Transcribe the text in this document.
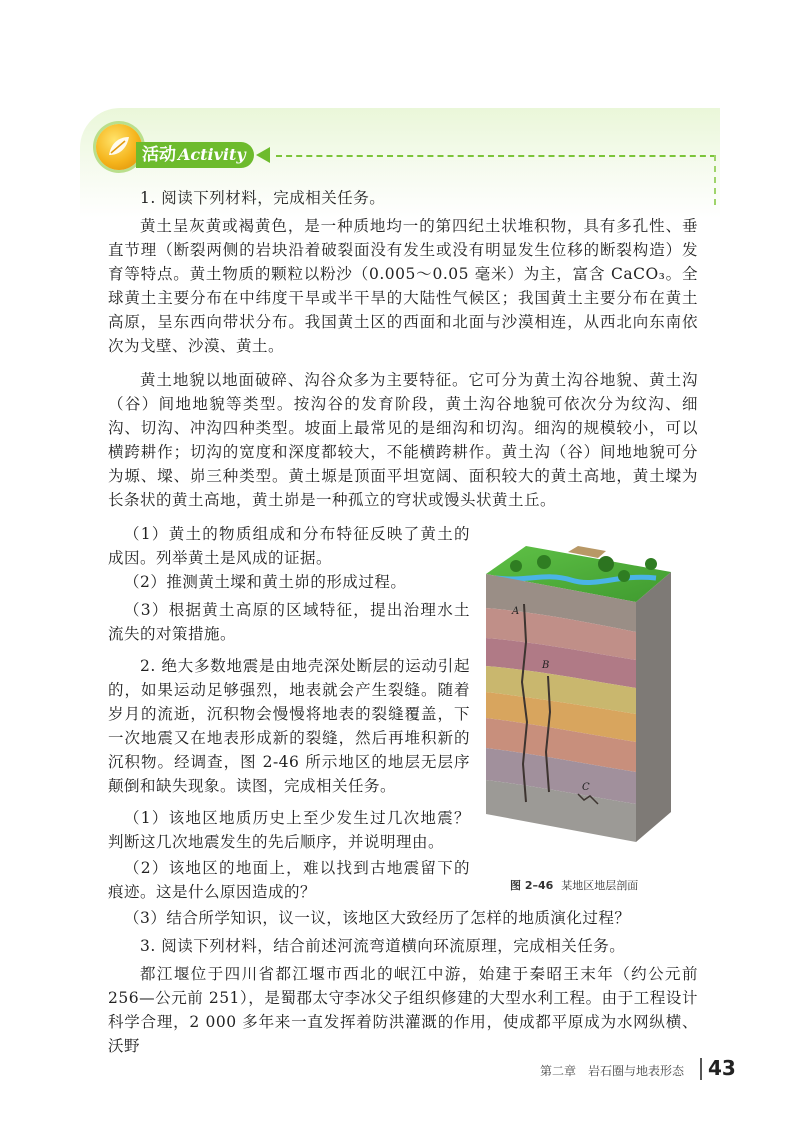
活动 Activity

1. 阅读下列材料，完成相关任务。

黄土呈灰黄或褐黄色，是一种质地均一的第四纪土状堆积物，具有多孔性、垂直节理（断裂两侧的岩块沿着破裂面没有发生或没有明显发生位移的断裂构造）发育等特点。黄土物质的颗粒以粉沙（0.005～0.05 毫米）为主，富含 CaCO₃。全球黄土主要分布在中纬度干旱或半干旱的大陆性气候区；我国黄土主要分布在黄土高原，呈东西向带状分布。我国黄土区的西面和北面与沙漠相连，从西北向东南依次为戈壁、沙漠、黄土。

黄土地貌以地面破碎、沟谷众多为主要特征。它可分为黄土沟谷地貌、黄土沟（谷）间地地貌等类型。按沟谷的发育阶段，黄土沟谷地貌可依次分为纹沟、细沟、切沟、冲沟四种类型。坡面上最常见的是细沟和切沟。细沟的规模较小，可以横跨耕作；切沟的宽度和深度都较大，不能横跨耕作。黄土沟（谷）间地地貌可分为塬、墚、峁三种类型。黄土塬是顶面平坦宽阔、面积较大的黄土高地，黄土墚为长条状的黄土高地，黄土峁是一种孤立的穹状或馒头状黄土丘。

（1）黄土的物质组成和分布特征反映了黄土的成因。列举黄土是风成的证据。

（2）推测黄土墚和黄土峁的形成过程。

（3）根据黄土高原的区域特征，提出治理水土流失的对策措施。

2. 绝大多数地震是由地壳深处断层的运动引起的，如果运动足够强烈，地表就会产生裂缝。随着岁月的流逝，沉积物会慢慢将地表的裂缝覆盖，下一次地震又在地表形成新的裂缝，然后再堆积新的沉积物。经调查，图 2-46 所示地区的地层无层序颠倒和缺失现象。读图，完成相关任务。

（1）该地区地质历史上至少发生过几次地震？判断这几次地震发生的先后顺序，并说明理由。

（2）该地区的地面上，难以找到古地震留下的痕迹。这是什么原因造成的？

（3）结合所学知识，议一议，该地区大致经历了怎样的地质演化过程？

3. 阅读下列材料，结合前述河流弯道横向环流原理，完成相关任务。

都江堰位于四川省都江堰市西北的岷江中游，始建于秦昭王末年（约公元前 256—公元前 251），是蜀郡太守李冰父子组织修建的大型水利工程。由于工程设计科学合理，2 000 多年来一直发挥着防洪灌溉的作用，使成都平原成为水网纵横、沃野

A
B
C
图 2–46 某地区地层剖面
第二章　岩石圈与地表形态 43
